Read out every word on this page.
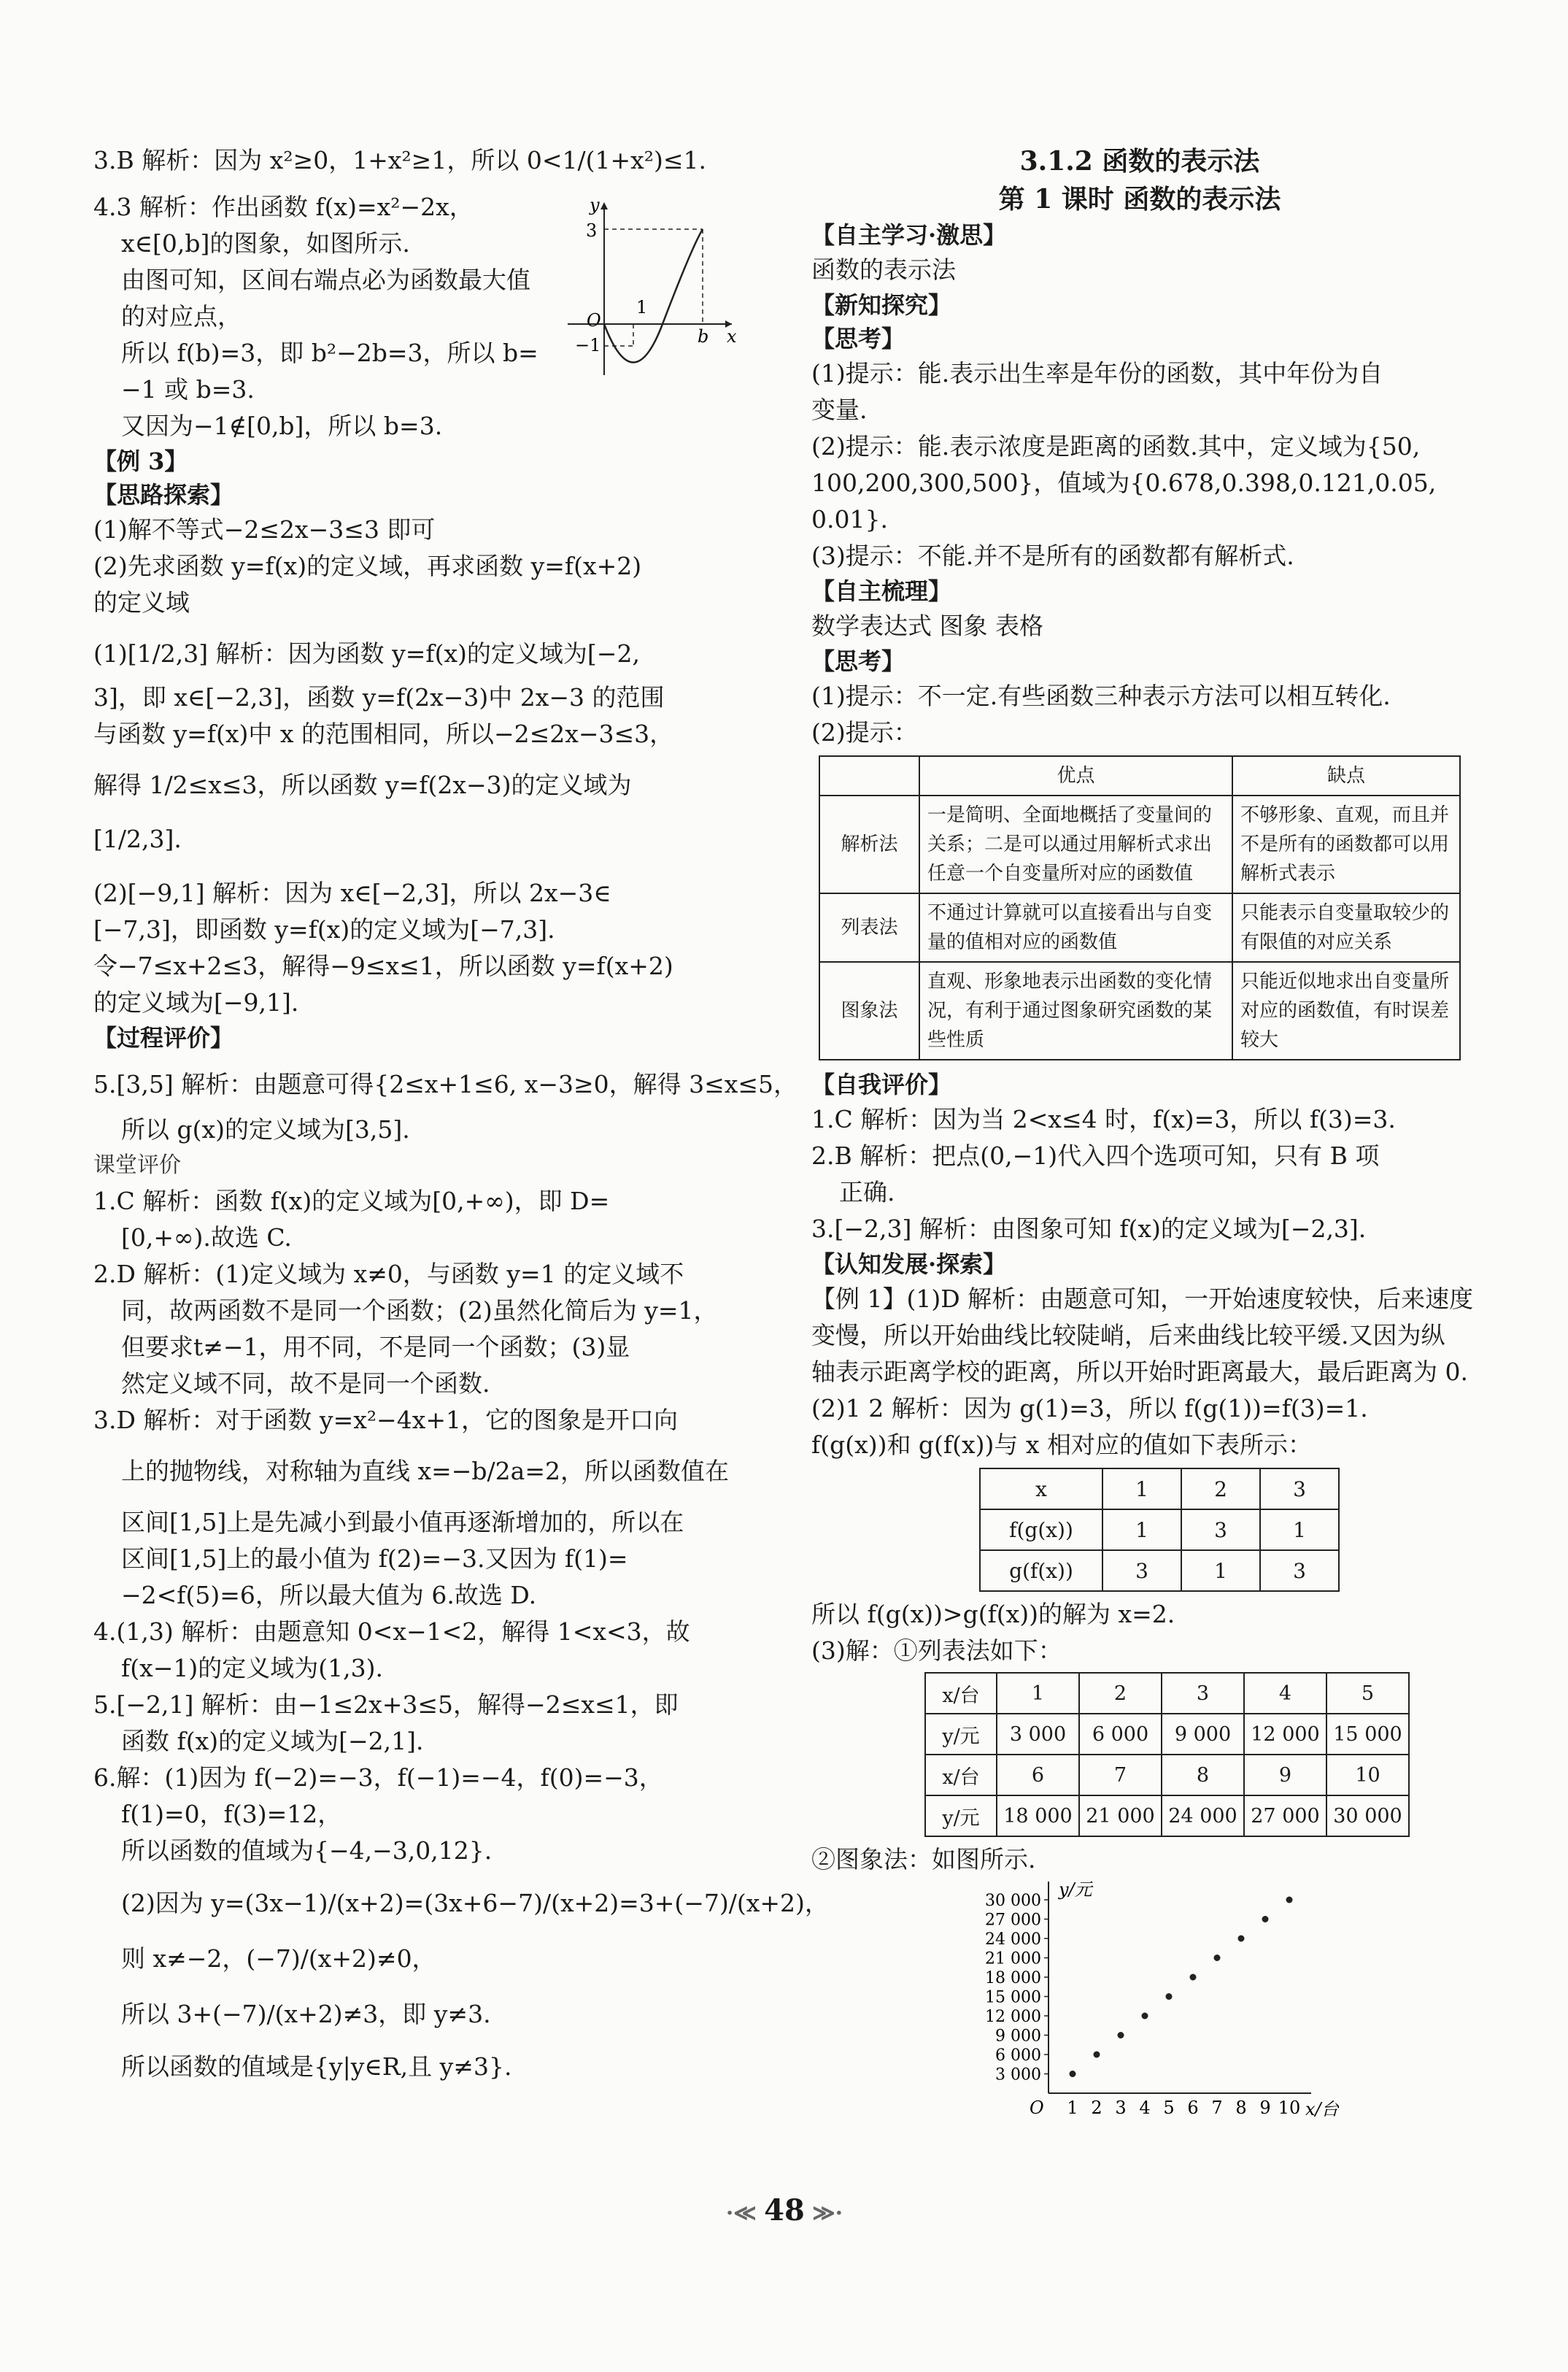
3.B 解析：因为 x²≥0，1+x²≥1，所以 0<1/(1+x²)≤1.
4.3 解析：作出函数 f(x)=x²−2x，
x∈[0,b]的图象，如图所示.
由图可知，区间右端点必为函数最大值
的对应点，
所以 f(b)=3，即 b²−2b=3，所以 b=
−1 或 b=3.
又因为−1∉[0,b]，所以 b=3.
y
3
1
O
−1	b x
【例 3】
【思路探索】
(1)解不等式−2≤2x−3≤3 即可
(2)先求函数 y=f(x)的定义域，再求函数 y=f(x+2)
的定义域
(1)[1/2,3] 解析：因为函数 y=f(x)的定义域为[−2,
3]，即 x∈[−2,3]，函数 y=f(2x−3)中 2x−3 的范围
与函数 y=f(x)中 x 的范围相同，所以−2≤2x−3≤3，
解得 1/2≤x≤3，所以函数 y=f(2x−3)的定义域为
[1/2,3].
(2)[−9,1] 解析：因为 x∈[−2,3]，所以 2x−3∈
[−7,3]，即函数 y=f(x)的定义域为[−7,3].
令−7≤x+2≤3，解得−9≤x≤1，所以函数 y=f(x+2)
的定义域为[−9,1].
【过程评价】
5.[3,5] 解析：由题意可得{2≤x+1≤6, x−3≥0，解得 3≤x≤5，
所以 g(x)的定义域为[3,5].
课堂评价
1.C 解析：函数 f(x)的定义域为[0,+∞)，即 D=
[0,+∞).故选 C.
2.D 解析：(1)定义域为 x≠0，与函数 y=1 的定义域不
同，故两函数不是同一个函数；(2)虽然化简后为 y=1，
但要求t≠−1，用不同，不是同一个函数；(3)显
然定义域不同，故不是同一个函数.
3.D 解析：对于函数 y=x²−4x+1，它的图象是开口向
上的抛物线，对称轴为直线 x=−b/2a=2，所以函数值在
区间[1,5]上是先减小到最小值再逐渐增加的，所以在
区间[1,5]上的最小值为 f(2)=−3.又因为 f(1)=
−2<f(5)=6，所以最大值为 6.故选 D.
4.(1,3) 解析：由题意知 0<x−1<2，解得 1<x<3，故
f(x−1)的定义域为(1,3).
5.[−2,1] 解析：由−1≤2x+3≤5，解得−2≤x≤1，即
函数 f(x)的定义域为[−2,1].
6.解：(1)因为 f(−2)=−3，f(−1)=−4，f(0)=−3，
f(1)=0，f(3)=12，
所以函数的值域为{−4,−3,0,12}.
(2)因为 y=(3x−1)/(x+2)=(3x+6−7)/(x+2)=3+(−7)/(x+2)，
则 x≠−2，(−7)/(x+2)≠0，
所以 3+(−7)/(x+2)≠3，即 y≠3.
所以函数的值域是{y|y∈R,且 y≠3}.
3.1.2 函数的表示法
第 1 课时 函数的表示法
【自主学习·激思】
函数的表示法
【新知探究】
【思考】
(1)提示：能.表示出生率是年份的函数，其中年份为自
变量.
(2)提示：能.表示浓度是距离的函数.其中，定义域为{50,
100,200,300,500}，值域为{0.678,0.398,0.121,0.05,
0.01}.
(3)提示：不能.并不是所有的函数都有解析式.
【自主梳理】
数学表达式 图象 表格
【思考】
(1)提示：不一定.有些函数三种表示方法可以相互转化.
(2)提示：
	优点	缺点
解析法	一是简明、全面地概括了变量间的关系；二是可以通过用解析式求出任意一个自变量所对应的函数值	不够形象、直观，而且并不是所有的函数都可以用解析式表示
列表法	不通过计算就可以直接看出与自变量的值相对应的函数值	只能表示自变量取较少的有限值的对应关系
图象法	直观、形象地表示出函数的变化情况，有利于通过图象研究函数的某些性质	只能近似地求出自变量所对应的函数值，有时误差较大
【自我评价】
1.C 解析：因为当 2<x≤4 时，f(x)=3，所以 f(3)=3.
2.B 解析：把点(0,−1)代入四个选项可知，只有 B 项
正确.
3.[−2,3] 解析：由图象可知 f(x)的定义域为[−2,3].
【认知发展·探索】
【例 1】(1)D 解析：由题意可知，一开始速度较快，后来速度
变慢，所以开始曲线比较陡峭，后来曲线比较平缓.又因为纵
轴表示距离学校的距离，所以开始时距离最大，最后距离为 0.
(2)1 2 解析：因为 g(1)=3，所以 f(g(1))=f(3)=1.
f(g(x))和 g(f(x))与 x 相对应的值如下表所示：
x	1	2	3
f(g(x))	1	3	1
g(f(x))	3	1	3
所以 f(g(x))>g(f(x))的解为 x=2.
(3)解：①列表法如下：
x/台	1	2	3	4	5
y/元	3 000	6 000	9 000	12 000	15 000
x/台	6	7	8	9	10
y/元	18 000	21 000	24 000	27 000	30 000
②图象法：如图所示.
1 2 3 4 5 6 7 8 9 10
3 000
6 000
9 000
12 000
15 000
18 000
21 000
24 000
27 000
30 000
O	x/台
y/元
·≪ 48 ≫·
